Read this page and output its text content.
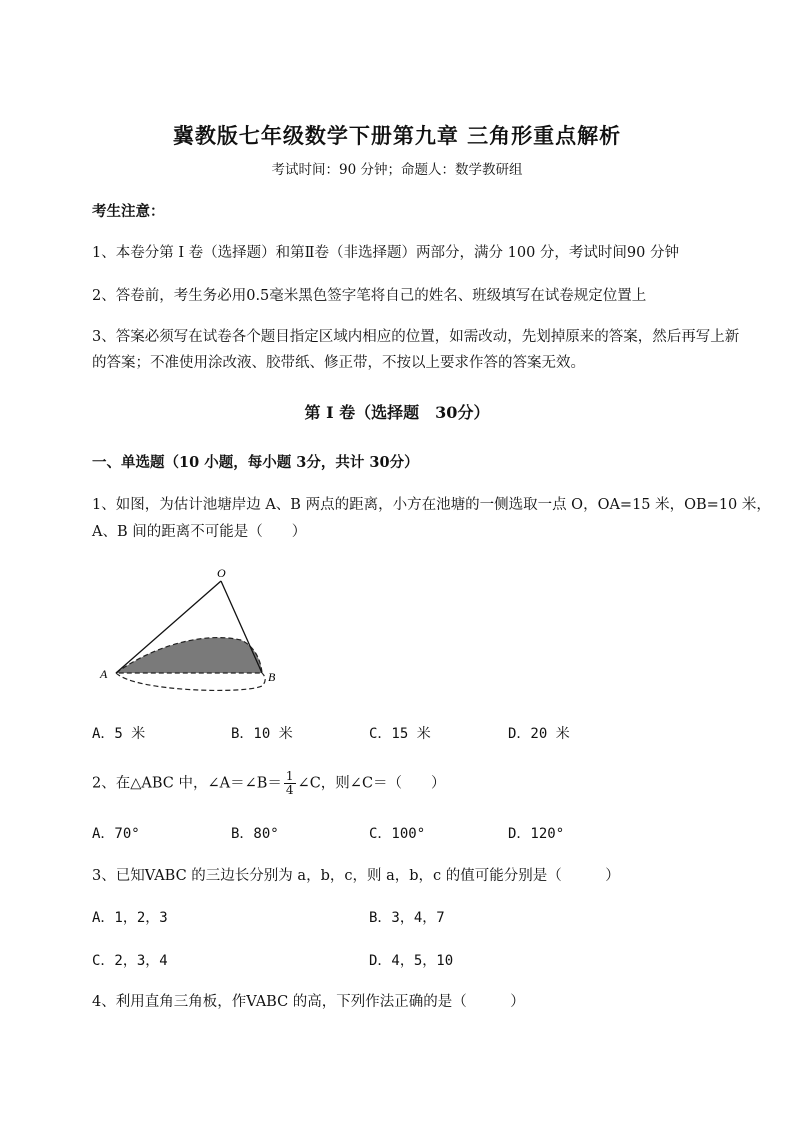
冀教版七年级数学下册第九章 三角形重点解析
考试时间：90 分钟；命题人：数学教研组
考生注意：
1、本卷分第 I 卷（选择题）和第Ⅱ卷（非选择题）两部分，满分 100 分，考试时间90 分钟
2、答卷前，考生务必用0.5毫米黑色签字笔将自己的姓名、班级填写在试卷规定位置上
3、答案必须写在试卷各个题目指定区域内相应的位置，如需改动，先划掉原来的答案，然后再写上新
的答案；不准使用涂改液、胶带纸、修正带，不按以上要求作答的答案无效。
第 I 卷（选择题　30分）
一、单选题（10 小题，每小题 3分，共计 30分）
1、如图，为估计池塘岸边 A、B 两点的距离，小方在池塘的一侧选取一点 O，OA=15 米，OB=10 米，
A、B 间的距离不可能是（　　）
O
A	B
A．5 米	B．10 米	C．15 米	D．20 米
2、在△ABC 中，∠A＝∠B＝ $\frac{1}{4}$ ∠C，则∠C＝（　　）
A．70°	B．80°	C．100°	D．120°
3、已知VABC 的三边长分别为 a，b，c，则 a，b，c 的值可能分别是（　　　）
A．1，2，3	B．3，4，7
C．2，3，4	D．4，5，10
4、利用直角三角板，作VABC 的高，下列作法正确的是（　　　）
